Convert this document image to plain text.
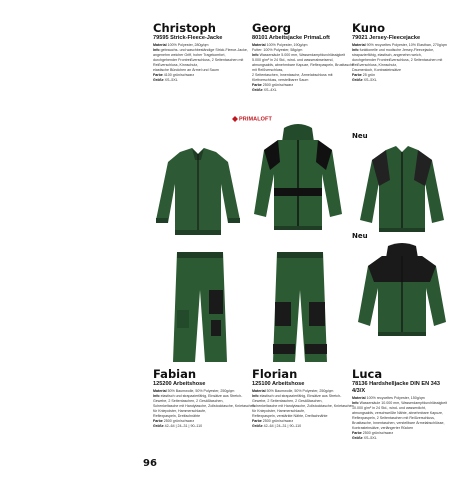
Christoph
79595 Strick-Fleece-Jacke

Material 100% Polyester, 280g/qm

Info gebrauchs- und waschbeständige Strick-Fleece-Jacke, angenehm weicher Griff, hoher Tragekomfort,

durchgehender Frontreißverschluss, 2 Seitentaschen mit Reißverschluss, Kinnschutz,

elastische Bündchen an Ärmel und Saum

Farbe 4100 grün/schwarz

Größe XS–5XL

Georg
80101 Arbeitsjacke PrimaLoft

Material 100% Polyester, 190g/qm

Futter: 100% Polyester, 58g/qm

Info Wassersäule 5.000 mm, Wasserdampfdurchlässigkeit 5.000 g/m² in 24 Std., wind- und wasserabweisend,

atmungsaktiv, abnehmbare Kapuze, Reflexpaspeln, Brusttasche mit Reißverschluss,

2 Seitentaschen, Innentasche, Ärmelabschluss mit Klettverschluss, verstellbarer Saum

Farbe 2500 grün/schwarz

Größe XS–4XL

Kuno
79021 Jersey-Fleecejacke

Material 90% recyceltes Polyester, 10% Elasthan, 270g/qm

Info funktionelle und modische Jersey-Fleecejacke, strapazierfähig, elastisch, angenehm weich,

durchgehender Frontreißverschluss, 2 Seitentaschen mit Reißverschluss, Kinnschutz,

Daumenloch, Kontrasteinsätze

Farbe 25 grün

Größe XS–5XL

PRIMALOFT
Neu
Neu
Fabian
125200 Arbeitshose

Material 50% Baumwolle, 50% Polyester, 250g/qm

Info elastisch und strapazierfähig, Einsätze aus Stretch-Gewebe, 2 Seitentaschen, 2 Gesäßtaschen,

Schenkeltasche mit Handytasche, Zollstocktasche, Knietaschen für Kniepolster, Hammerschlaufe,

Reflexpaspeln, Dreifachnähte

Farbe 2500 grün/schwarz

Größe 42–64 | 24–31 | 90–110

Florian
125100 Arbeitshose

Material 50% Baumwolle, 50% Polyester, 250g/qm

Info elastisch und strapazierfähig, Einsätze aus Stretch-Gewebe, 2 Seitentaschen, 2 Gesäßtaschen,

Schenkeltasche mit Handytasche, Zollstocktasche, Knietaschen für Kniepolster, Hammerschlaufe,

Reflexpaspeln, verstärkte Nähte, Dreifachnähte

Farbe 2500 grün/schwarz

Größe 42–64 | 24–31 | 90–110

Luca
78136 Hardshelljacke DIN EN 343 4/3/X

Material 100% recyceltes Polyester, 150g/qm

Info Wassersäule 10.000 mm, Wasserdampfdurchlässigkeit 10.000 g/m² in 24 Std., wind- und wasserdicht,

atmungsaktiv, verschweißte Nähte, abnehmbare Kapuze, Reflexpaspeln, 2 Seitentaschen mit Reißverschluss,

Brusttasche, Innentaschen, verstellbare Ärmelabschlüsse, Kontrasteinsätze, verlängerter Rücken

Farbe 2500 grün/schwarz

Größe XS–5XL

96
